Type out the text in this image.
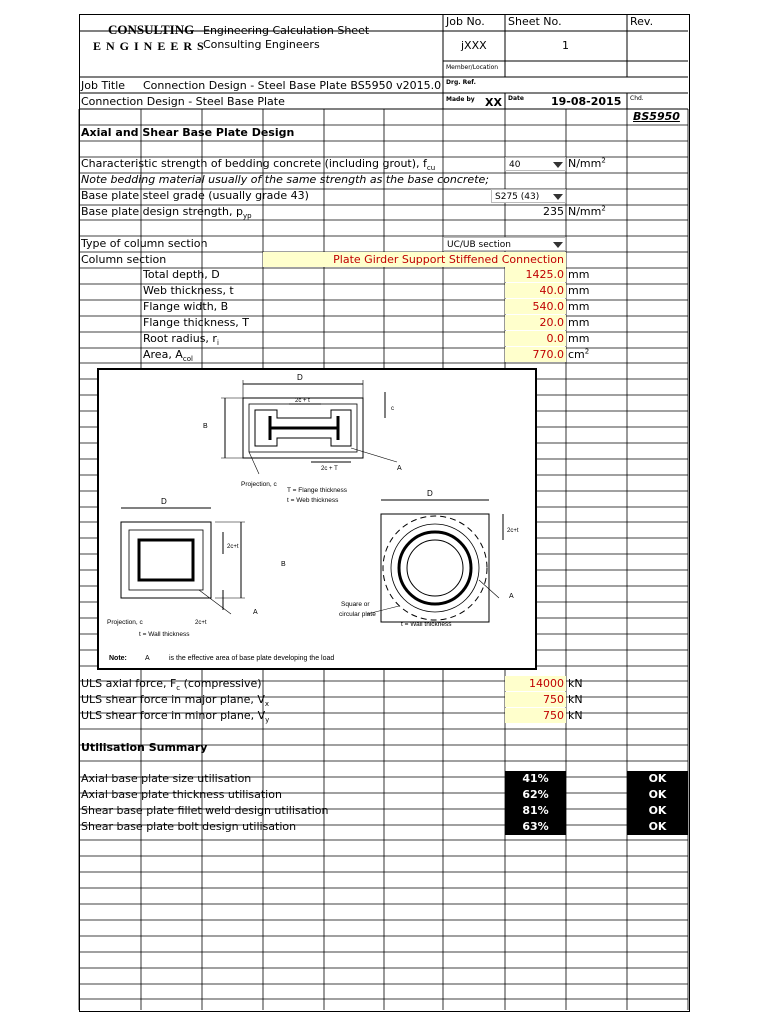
CONSULTING
E N G I N E E R S
Engineering Calculation Sheet
Consulting Engineers
Job No. Sheet No.	Rev.
jXXX	1
Member/Location
Job Title Connection Design - Steel Base Plate BS5950 v2015.0 Drg. Ref.
Connection Design - Steel Base Plate	Made by XX Date 19-08-2015 Chd.
BS5950
Axial and Shear Base Plate Design
Characteristic strength of bedding concrete (including grout), $f_{cu}$	40	$N/mm^2$
Note bedding material usually of the same strength as the base concrete;
Base plate steel grade (usually grade 43)	S275 (43)
Base plate design strength, $p_{yp}$	235 $N/mm^2$
Type of column section	UC/UB section
Column section	Plate Girder Support Stiffened Connection
Total depth, D	1425.0 mm
Web thickness, t	40.0 mm
Flange width, B	540.0 mm
Flange thickness, T	20.0 mm
Root radius, $r_i$	0.0 mm
Area, $A_{col}$	770.0 $cm^2$
D
B
2c + t
c
2c + T	A
Projection, c
T = Flange thickness
t = Web thickness
D
2c+t
B
A
Projection, c	2c+t
t = Wall thickness
Square or
circular plate
D
2c+t
A
t = Wall thickness
Note:	A	is the effective area of base plate developing the load
ULS axial force, $F_c$ (compressive)	14000 kN
ULS shear force in major plane, $V_x$	750 kN
ULS shear force in minor plane, $V_y$	750 kN
Utilisation Summary
Axial base plate size utilisation	41%	OK
Axial base plate thickness utilisation	62%	OK
Shear base plate fillet weld design utilisation	81%	OK
Shear base plate bolt design utilisation	63%	OK
